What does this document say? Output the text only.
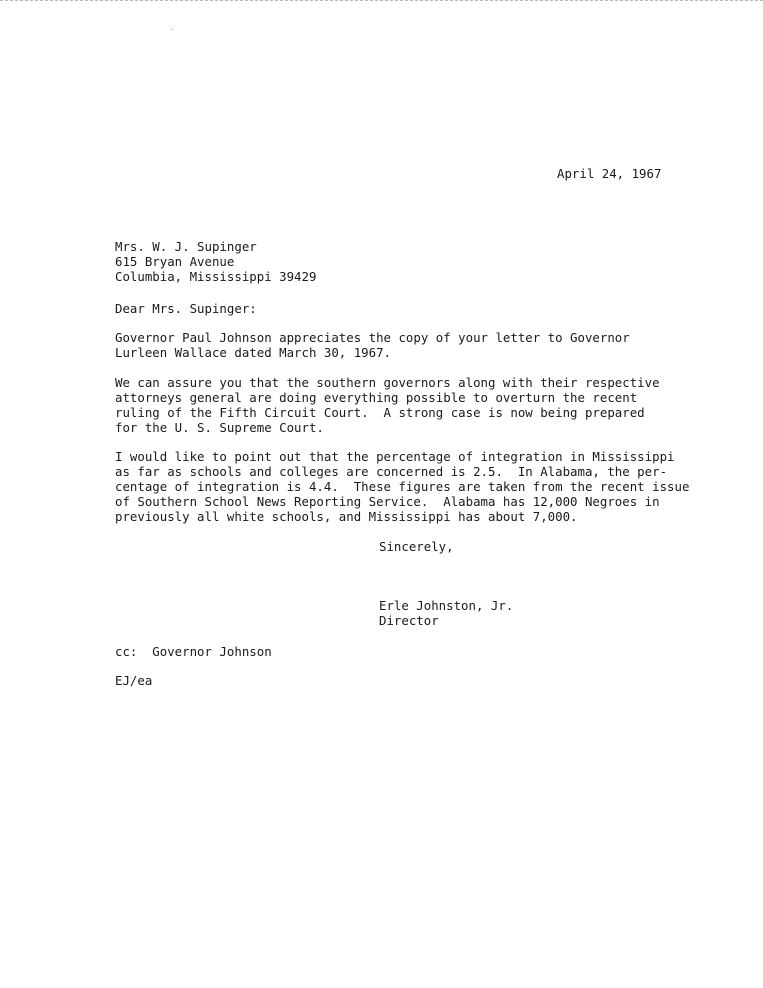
April 24, 1967
Mrs. W. J. Supinger
615 Bryan Avenue
Columbia, Mississippi 39429
Dear Mrs. Supinger:
Governor Paul Johnson appreciates the copy of your letter to Governor
Lurleen Wallace dated March 30, 1967.
We can assure you that the southern governors along with their respective
attorneys general are doing everything possible to overturn the recent
ruling of the Fifth Circuit Court.  A strong case is now being prepared
for the U. S. Supreme Court.
I would like to point out that the percentage of integration in Mississippi
as far as schools and colleges are concerned is 2.5.  In Alabama, the per-
centage of integration is 4.4.  These figures are taken from the recent issue
of Southern School News Reporting Service.  Alabama has 12,000 Negroes in
previously all white schools, and Mississippi has about 7,000.
Sincerely,
Erle Johnston, Jr.
Director
cc:  Governor Johnson
EJ/ea
